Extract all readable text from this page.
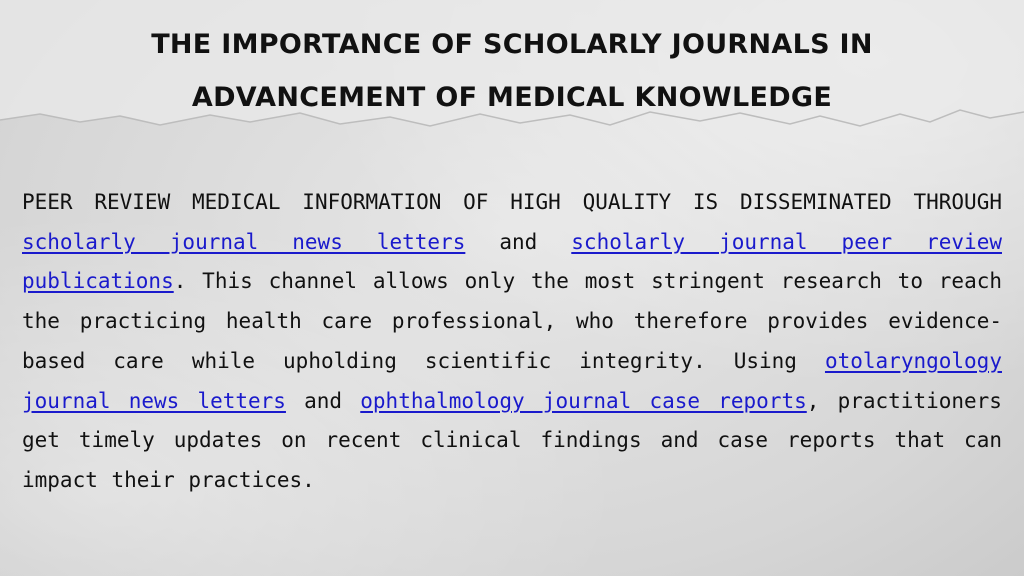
THE IMPORTANCE OF SCHOLARLY JOURNALS IN ADVANCEMENT OF MEDICAL KNOWLEDGE
PEER REVIEW MEDICAL INFORMATION OF HIGH QUALITY IS DISSEMINATED THROUGH scholarly journal news letters and scholarly journal peer review publications. This channel allows only the most stringent research to reach the practicing health care professional, who therefore provides evidence-based care while upholding scientific integrity. Using otolaryngology journal news letters and ophthalmology journal case reports, practitioners get timely updates on recent clinical findings and case reports that can impact their practices.
